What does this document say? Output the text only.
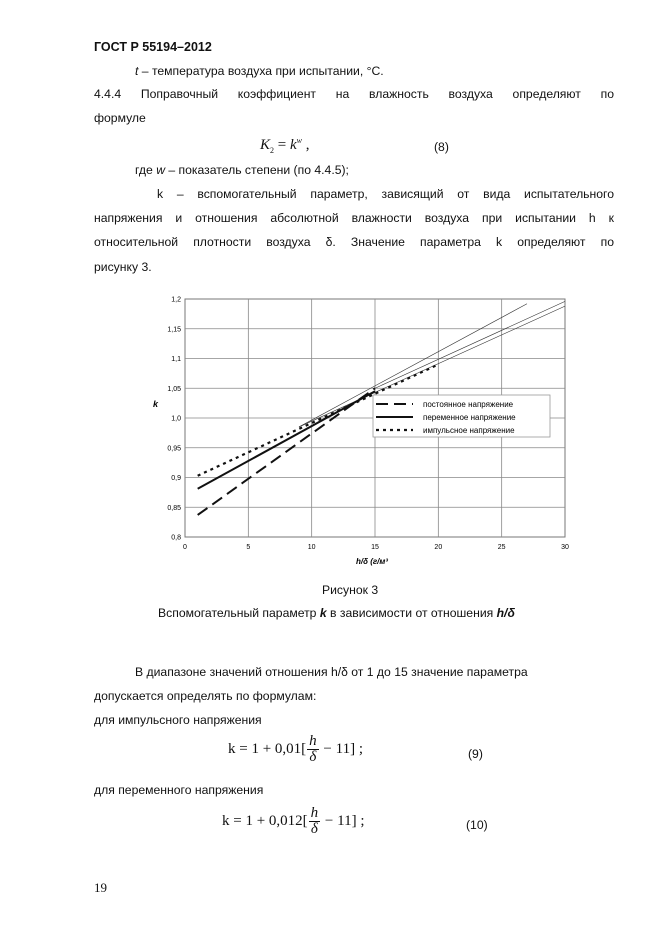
ГОСТ Р 55194–2012
t – температура воздуха при испытании, °С.
4.4.4 Поправочный коэффициент на влажность воздуха определяют по
формуле
$K_2 = k^w$ ,	(8)
где w – показатель степени (по 4.4.5);
k – вспомогательный параметр, зависящий от вида испытательного
напряжения и отношения абсолютной влажности воздуха при испытании h к
относительной плотности воздуха δ. Значение параметра k определяют по
рисунку 3.
0	5	10	15	20	25	30
0,8
0,85
0,9
0,95
1,0
1,05
1,1
1,15
1,2
k
h/δ (г/м³
постоянное напряжение
переменное напряжение
импульсное напряжение
Рисунок 3
Вспомогательный параметр k в зависимости от отношения h/δ
В диапазоне значений отношения h/δ от 1 до 15 значение параметра
допускается определять по формулам:
для импульсного напряжения
$k = 1 + 0,01[ \frac{h}{\delta} - 11]$ ;	(9)
для переменного напряжения
$k = 1 + 0,012[ \frac{h}{\delta} - 11]$ ;	(10)
19
